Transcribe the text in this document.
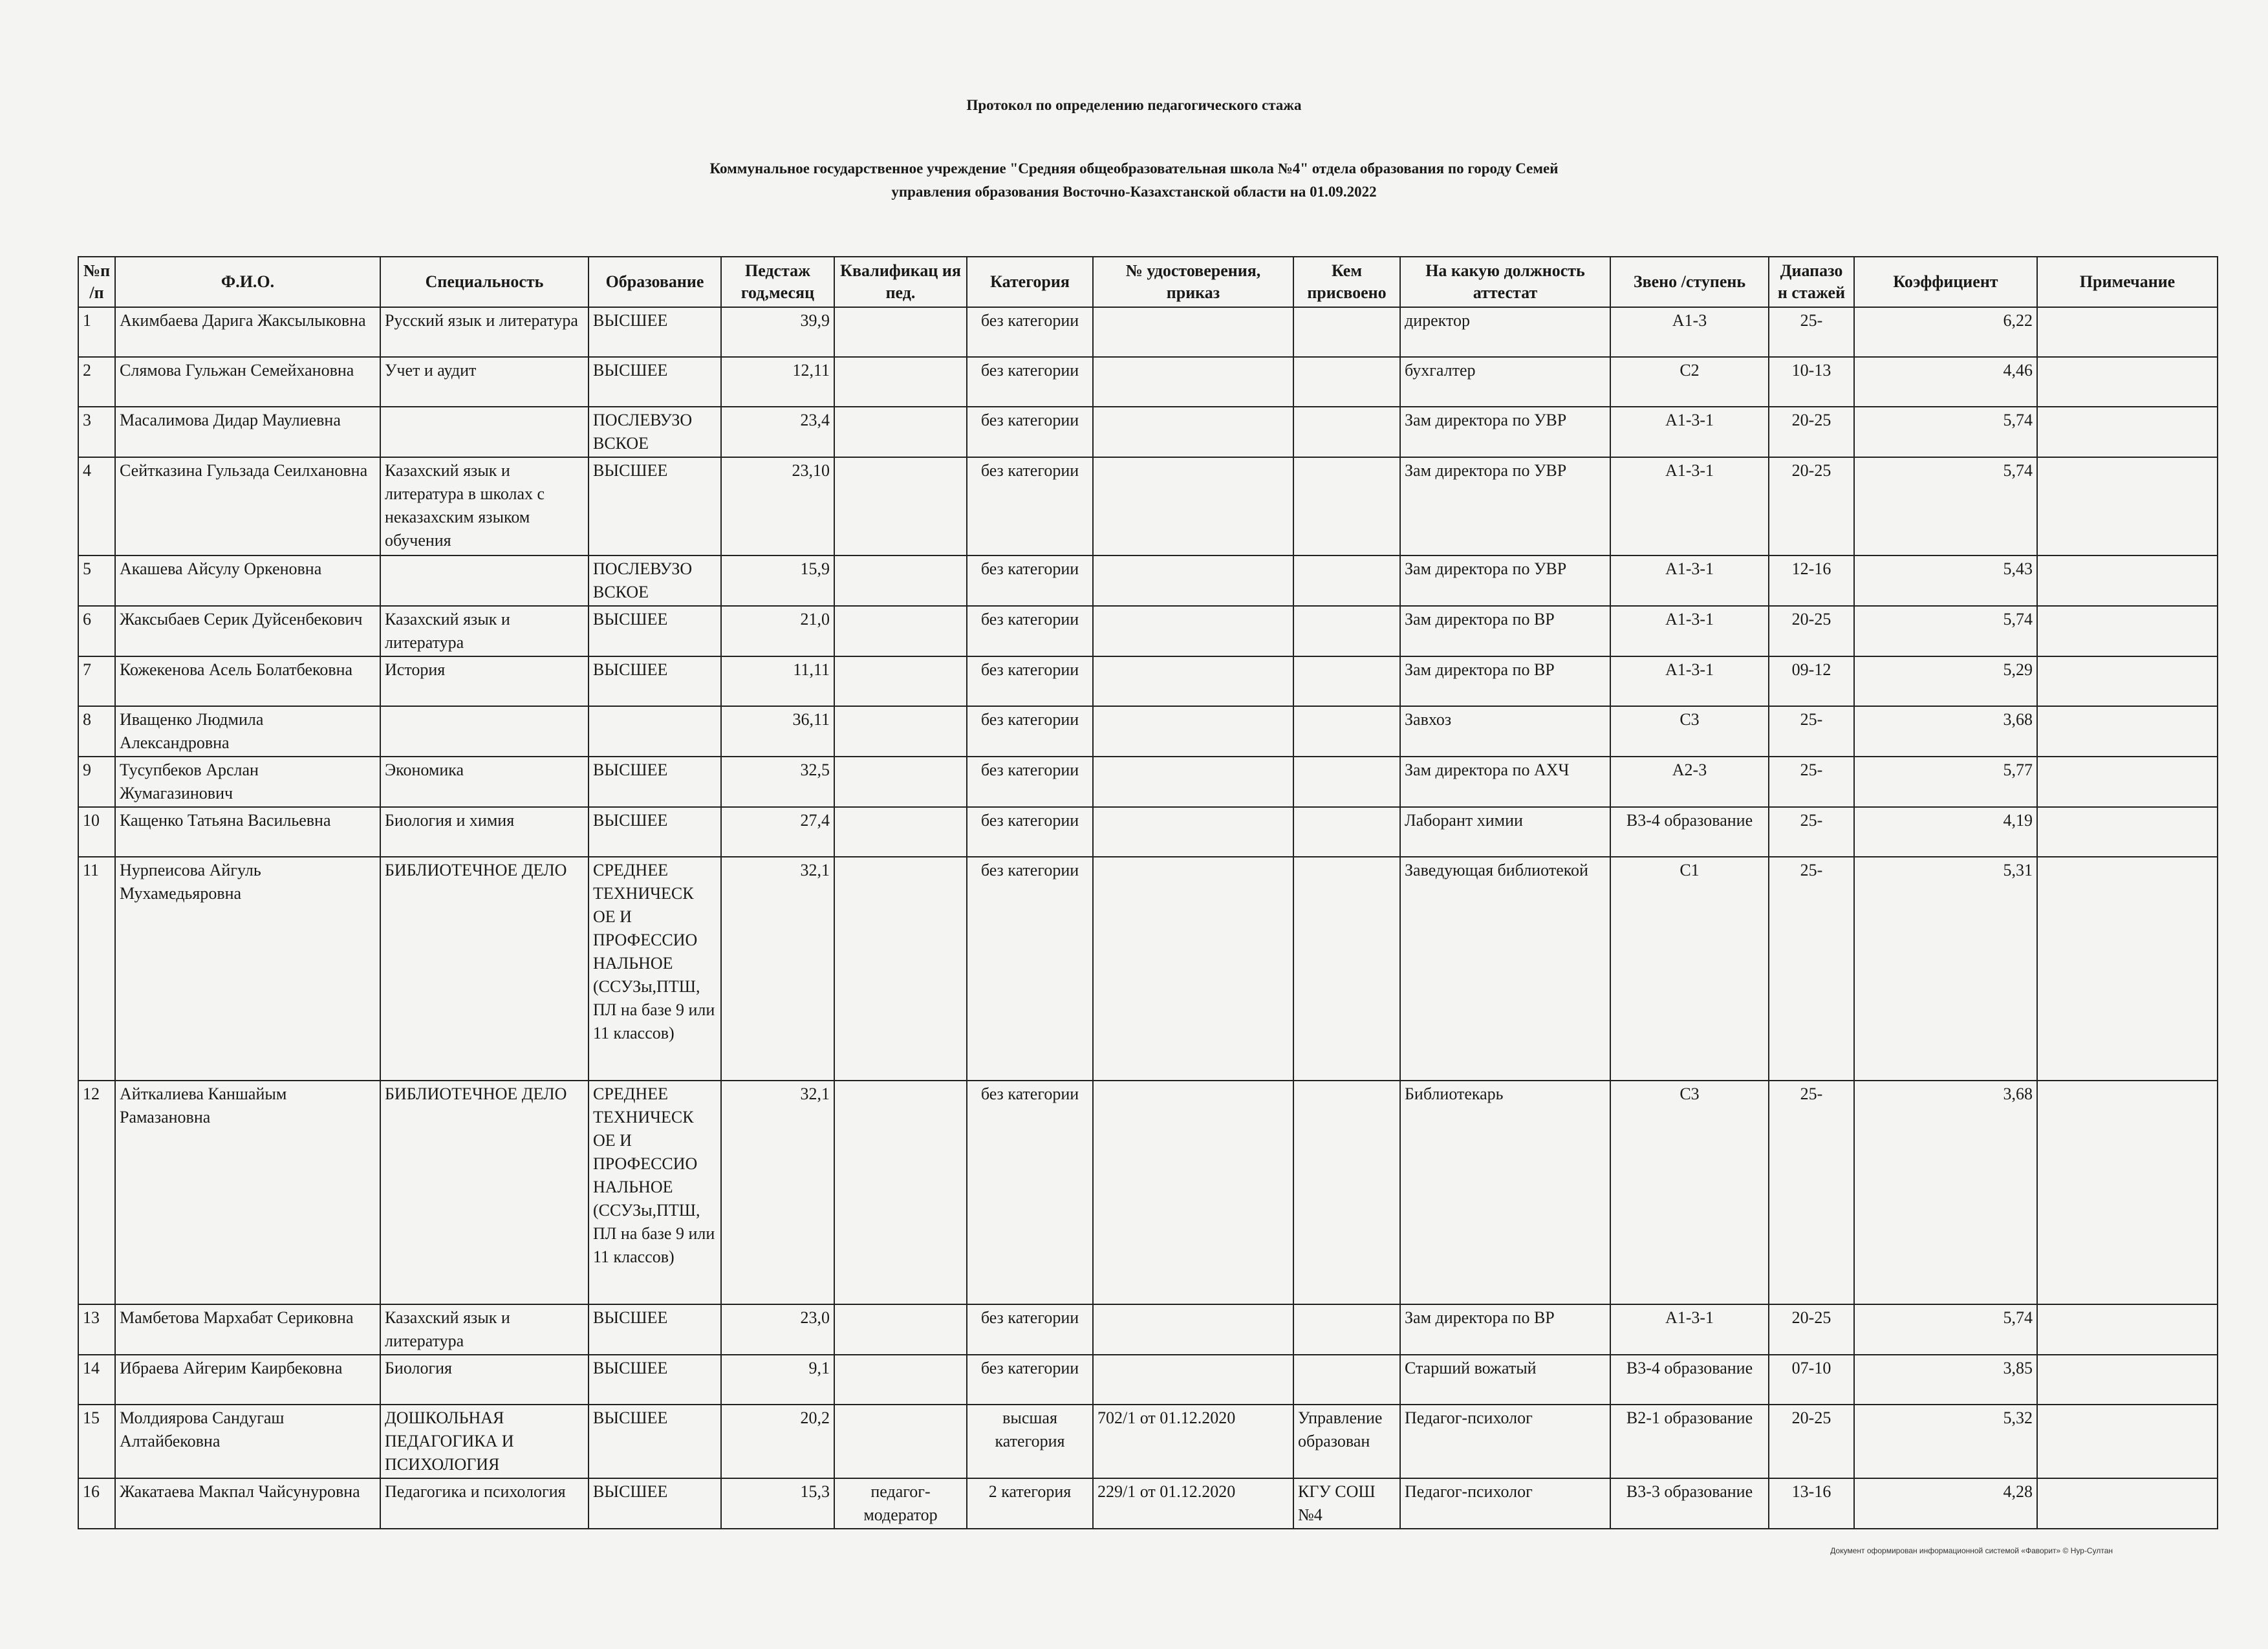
Протокол по определению педагогического стажа
Коммунальное государственное учреждение "Средняя общеобразовательная школа №4" отдела образования по городу Семей
управления образования Восточно-Казахстанской области на 01.09.2022
№п /п	Ф.И.О.	Специальность	Образование	Педстаж год,месяц	Квалификац ия пед.	Категория	№ удостоверения, приказ	Кем присвоено	На какую должность аттестат	Звено /ступень	Диапазо н стажей	Коэффициент	Примечание
1	Акимбаева Дарига Жаксылыковна	Русский язык и литература	ВЫСШЕЕ	39,9		без категории			директор	A1-3	25-	6,22	
2	Слямова Гульжан Семейхановна	Учет и аудит	ВЫСШЕЕ	12,11		без категории			бухгалтер	C2	10-13	4,46	
3	Масалимова Дидар Маулиевна		ПОСЛЕВУЗО ВСКОЕ	23,4		без категории			Зам директора по УВР	A1-3-1	20-25	5,74	
4	Сейтказина Гульзада Сеилхановна	Казахский язык и литература в школах с неказахским языком обучения	ВЫСШЕЕ	23,10		без категории			Зам директора по УВР	A1-3-1	20-25	5,74	
5	Акашева Айсулу Оркеновна		ПОСЛЕВУЗО ВСКОЕ	15,9		без категории			Зам директора по УВР	A1-3-1	12-16	5,43	
6	Жаксыбаев Серик Дуйсенбекович	Казахский язык и литература	ВЫСШЕЕ	21,0		без категории			Зам директора по ВР	A1-3-1	20-25	5,74	
7	Кожекенова Асель Болатбековна	История	ВЫСШЕЕ	11,11		без категории			Зам директора по ВР	A1-3-1	09-12	5,29	
8	Иващенко Людмила Александровна			36,11		без категории			Завхоз	C3	25-	3,68	
9	Тусупбеков Арслан Жумагазинович	Экономика	ВЫСШЕЕ	32,5		без категории			Зам директора по АХЧ	A2-3	25-	5,77	
10	Кащенко Татьяна Васильевна	Биология и химия	ВЫСШЕЕ	27,4		без категории			Лаборант химии	B3-4 образование	25-	4,19	
11	Нурпеисова Айгуль Мухамедьяровна	БИБЛИОТЕЧНОЕ ДЕЛО	СРЕДНЕЕ ТЕХНИЧЕСК ОЕ И ПРОФЕССИО НАЛЬНОЕ (ССУЗы,ПТШ, ПЛ на базе 9 или 11 классов)	32,1		без категории			Заведующая библиотекой	C1	25-	5,31	
12	Айткалиева Каншайым Рамазановна	БИБЛИОТЕЧНОЕ ДЕЛО	СРЕДНЕЕ ТЕХНИЧЕСК ОЕ И ПРОФЕССИО НАЛЬНОЕ (ССУЗы,ПТШ, ПЛ на базе 9 или 11 классов)	32,1		без категории			Библиотекарь	C3	25-	3,68	
13	Мамбетова Мархабат Сериковна	Казахский язык и литература	ВЫСШЕЕ	23,0		без категории			Зам директора по ВР	A1-3-1	20-25	5,74	
14	Ибраева Айгерим Каирбековна	Биология	ВЫСШЕЕ	9,1		без категории			Старший вожатый	B3-4 образование	07-10	3,85	
15	Молдиярова Сандугаш Алтайбековна	ДОШКОЛЬНАЯ ПЕДАГОГИКА И ПСИХОЛОГИЯ	ВЫСШЕЕ	20,2		высшая категория	702/1 от 01.12.2020	Управление образован	Педагог-психолог	B2-1 образование	20-25	5,32	
16	Жакатаева Макпал Чайсунуровна	Педагогика и психология	ВЫСШЕЕ	15,3	педагог-модератор	2 категория	229/1 от 01.12.2020	КГУ СОШ №4	Педагог-психолог	B3-3 образование	13-16	4,28	
Документ оформирован информационной системой «Фаворит» © Нур-Султан
